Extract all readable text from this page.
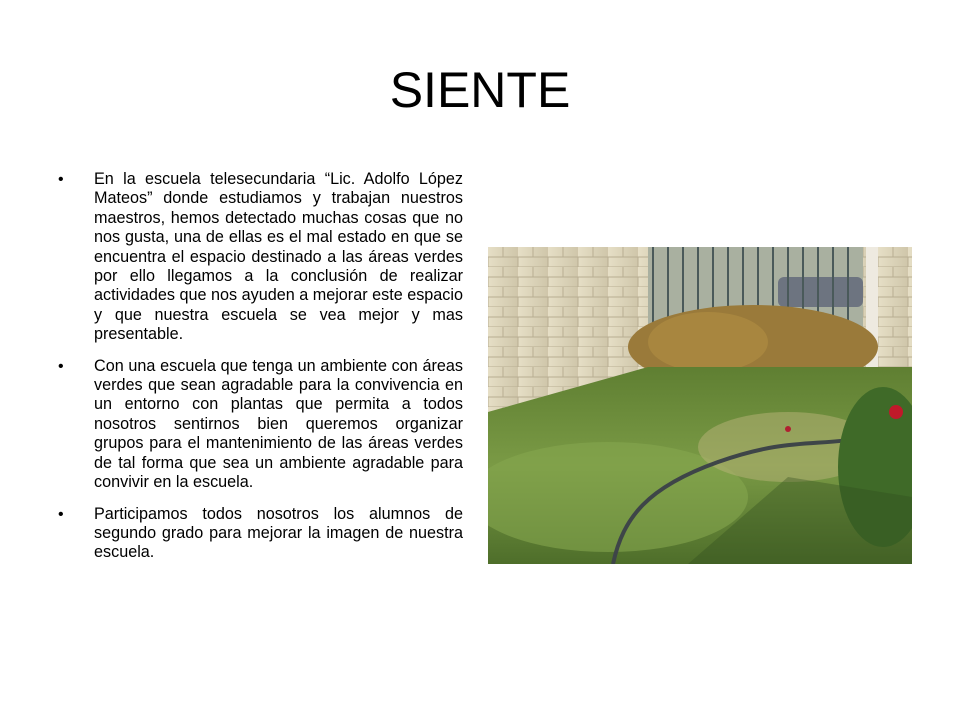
SIENTE
• En la escuela telesecundaria “Lic. Adolfo López Mateos” donde estudiamos y trabajan nuestros maestros, hemos detectado muchas cosas que no nos gusta, una de ellas es el mal estado en que se encuentra el espacio destinado a las áreas verdes por ello llegamos a la conclusión de realizar actividades que nos ayuden a mejorar este espacio y que nuestra escuela se vea mejor y mas presentable.
• Con una escuela que tenga un ambiente con áreas verdes que sean agradable para la convivencia en un entorno con plantas que permita a todos nosotros sentirnos bien queremos organizar grupos para el mantenimiento de las áreas verdes de tal forma que sea un ambiente agradable para convivir en la escuela.
• Participamos todos nosotros los alumnos de segundo grado para mejorar la imagen de nuestra escuela.
